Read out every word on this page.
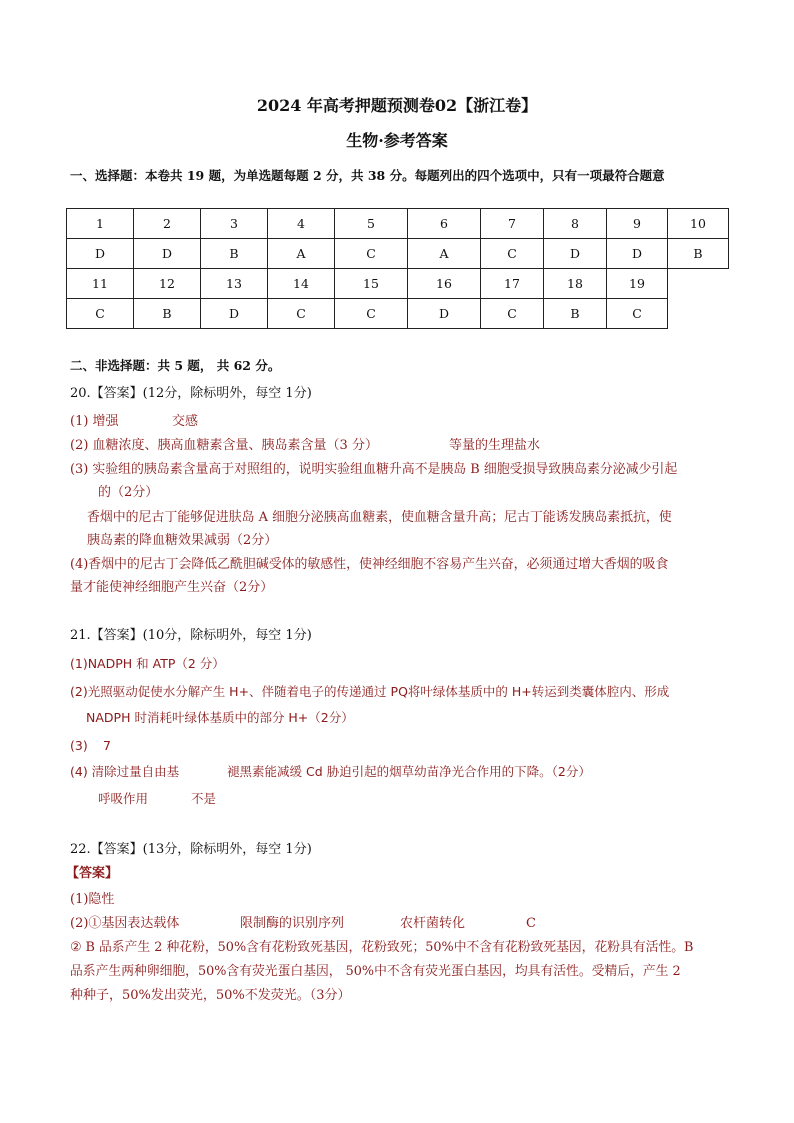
2024 年高考押题预测卷02【浙江卷】
生物·参考答案
一、选择题：本卷共 19 题，为单选题每题 2 分，共 38 分。每题列出的四个选项中，只有一项最符合题意
1	2	3	4	5	6	7	8	9	10
D	D	B	A	C	A	C	D	D	B
11	12	13	14	15	16	17	18	19	
C	B	D	C	C	D	C	B	C	
二、非选择题：共 5 题， 共 62 分。
20.【答案】(12分，除标明外，每空 1分)
(1) 增强	交感
(2) 血糖浓度、胰高血糖素含量、胰岛素含量（3 分）	等量的生理盐水
(3) 实验组的胰岛素含量高于对照组的，说明实验组血糖升高不是胰岛 B 细胞受损导致胰岛素分泌减少引起
的（2分）
香烟中的尼古丁能够促进肤岛 A 细胞分泌胰高血糖素，使血糖含量升高；尼古丁能诱发胰岛素抵抗，使
胰岛素的降血糖效果减弱（2分）
(4)香烟中的尼古丁会降低乙酰胆碱受体的敏感性，使神经细胞不容易产生兴奋，必须通过增大香烟的吸食
量才能使神经细胞产生兴奋（2分）
21.【答案】(10分，除标明外，每空 1分)
(1)NADPH 和 ATP（2 分）
(2)光照驱动促使水分解产生 H+、伴随着电子的传递通过 PQ将叶绿体基质中的 H+转运到类囊体腔内、形成
NADPH 时消耗叶绿体基质中的部分 H+（2分）
(3) 7
(4) 清除过量自由基	褪黑素能减缓 Cd 胁迫引起的烟草幼苗净光合作用的下降。（2分）
呼吸作用	不是
22.【答案】(13分，除标明外，每空 1分)
【答案】
(1)隐性
(2)①基因表达载体	限制酶的识别序列	农杆菌转化	C
② B 品系产生 2 种花粉，50%含有花粉致死基因，花粉致死；50%中不含有花粉致死基因，花粉具有活性。B
品系产生两种卵细胞，50%含有荧光蛋白基因， 50%中不含有荧光蛋白基因，均具有活性。受精后，产生 2
种种子，50%发出荧光，50%不发荧光。（3分）
